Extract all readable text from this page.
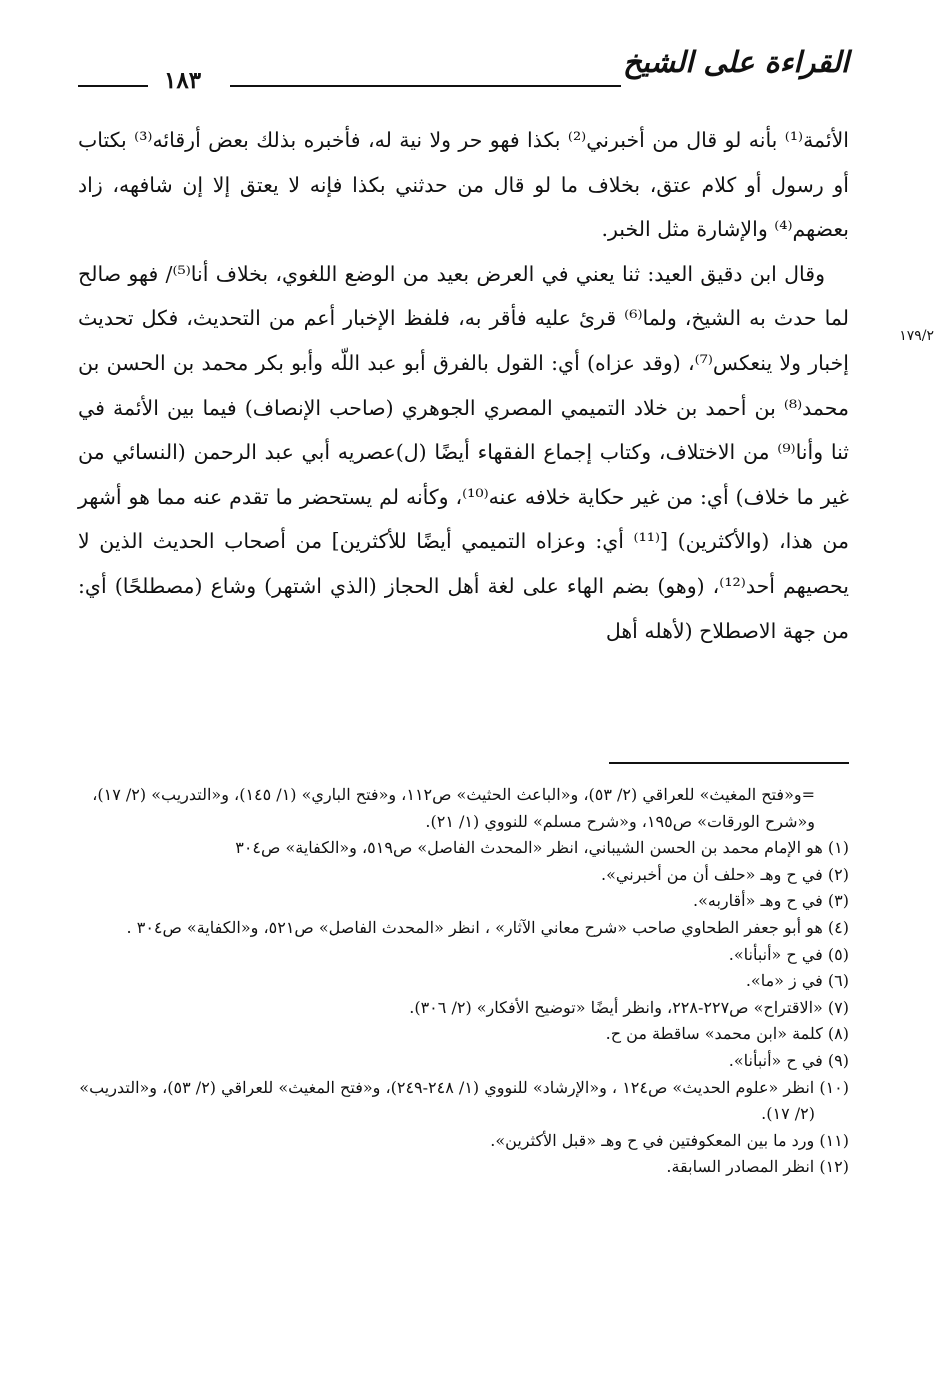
القراءة على الشيخ
١٨٣
١٧٩/٢

الأئمة⁽¹⁾ بأنه لو قال من أخبرني⁽²⁾ بكذا فهو حر ولا نية له، فأخبره بذلك بعض أرقائه⁽³⁾ بكتاب أو رسول أو كلام عتق، بخلاف ما لو قال من حدثني بكذا فإنه لا يعتق إلا إن شافهه، زاد بعضهم⁽⁴⁾ والإشارة مثل الخبر.

وقال ابن دقيق العيد: ثنا يعني في العرض بعيد من الوضع اللغوي، بخلاف أنا⁽⁵⁾/ فهو صالح لما حدث به الشيخ، ولما⁽⁶⁾ قرئ عليه فأقر به، فلفظ الإخبار أعم من التحديث، فكل تحديث إخبار ولا ينعكس⁽⁷⁾، (وقد عزاه) أي: القول بالفرق أبو عبد اللّه وأبو بكر محمد بن الحسن بن محمد⁽⁸⁾ بن أحمد بن خلاد التميمي المصري الجوهري (صاحب الإنصاف) فيما بين الأئمة في ثنا وأنا⁽⁹⁾ من الاختلاف، وكتاب إجماع الفقهاء أيضًا (ل)عصريه أبي عبد الرحمن (النسائي من غير ما خلاف) أي: من غير حكاية خلافه عنه⁽¹⁰⁾، وكأنه لم يستحضر ما تقدم عنه مما هو أشهر من هذا، (والأكثرين) [⁽¹¹⁾ أي: وعزاه التميمي أيضًا للأكثرين] من أصحاب الحديث الذين لا يحصيهم أحد⁽¹²⁾، (وهو) بضم الهاء على لغة أهل الحجاز (الذي اشتهر) وشاع (مصطلحًا) أي: من جهة الاصطلاح (لأهله أهل

=و«فتح المغيث» للعراقي (٢/ ٥٣)، و«الباعث الحثيث» ص١١٢، و«فتح الباري» (١/ ١٤٥)، و«التدريب» (٢/ ١٧)، و«شرح الورقات» ص١٩٥، و«شرح مسلم» للنووي (١/ ٢١).

(١) هو الإمام محمد بن الحسن الشيباني، انظر «المحدث الفاصل» ص٥١٩، و«الكفاية» ص٣٠٤

(٢) في ح وهـ «حلف أن من أخبرني».

(٣) في ح وهـ «أقاربه».

(٤) هو أبو جعفر الطحاوي صاحب «شرح معاني الآثار» ، انظر «المحدث الفاصل» ص٥٢١، و«الكفاية» ص٣٠٤ .

(٥) في ح «أنبأنا».

(٦) في ز «ما».

(٧) «الاقتراح» ص٢٢٧-٢٢٨، وانظر أيضًا «توضيح الأفكار» (٢/ ٣٠٦).

(٨) كلمة «ابن محمد» ساقطة من ح.

(٩) في ح «أنبأنا».

(١٠) انظر «علوم الحديث» ص١٢٤ ، و«الإرشاد» للنووي (١/ ٢٤٨-٢٤٩)، و«فتح المغيث» للعراقي (٢/ ٥٣)، و«التدريب» (٢/ ١٧).

(١١) ورد ما بين المعكوفتين في ح وهـ «قبل الأكثرين».

(١٢) انظر المصادر السابقة.
